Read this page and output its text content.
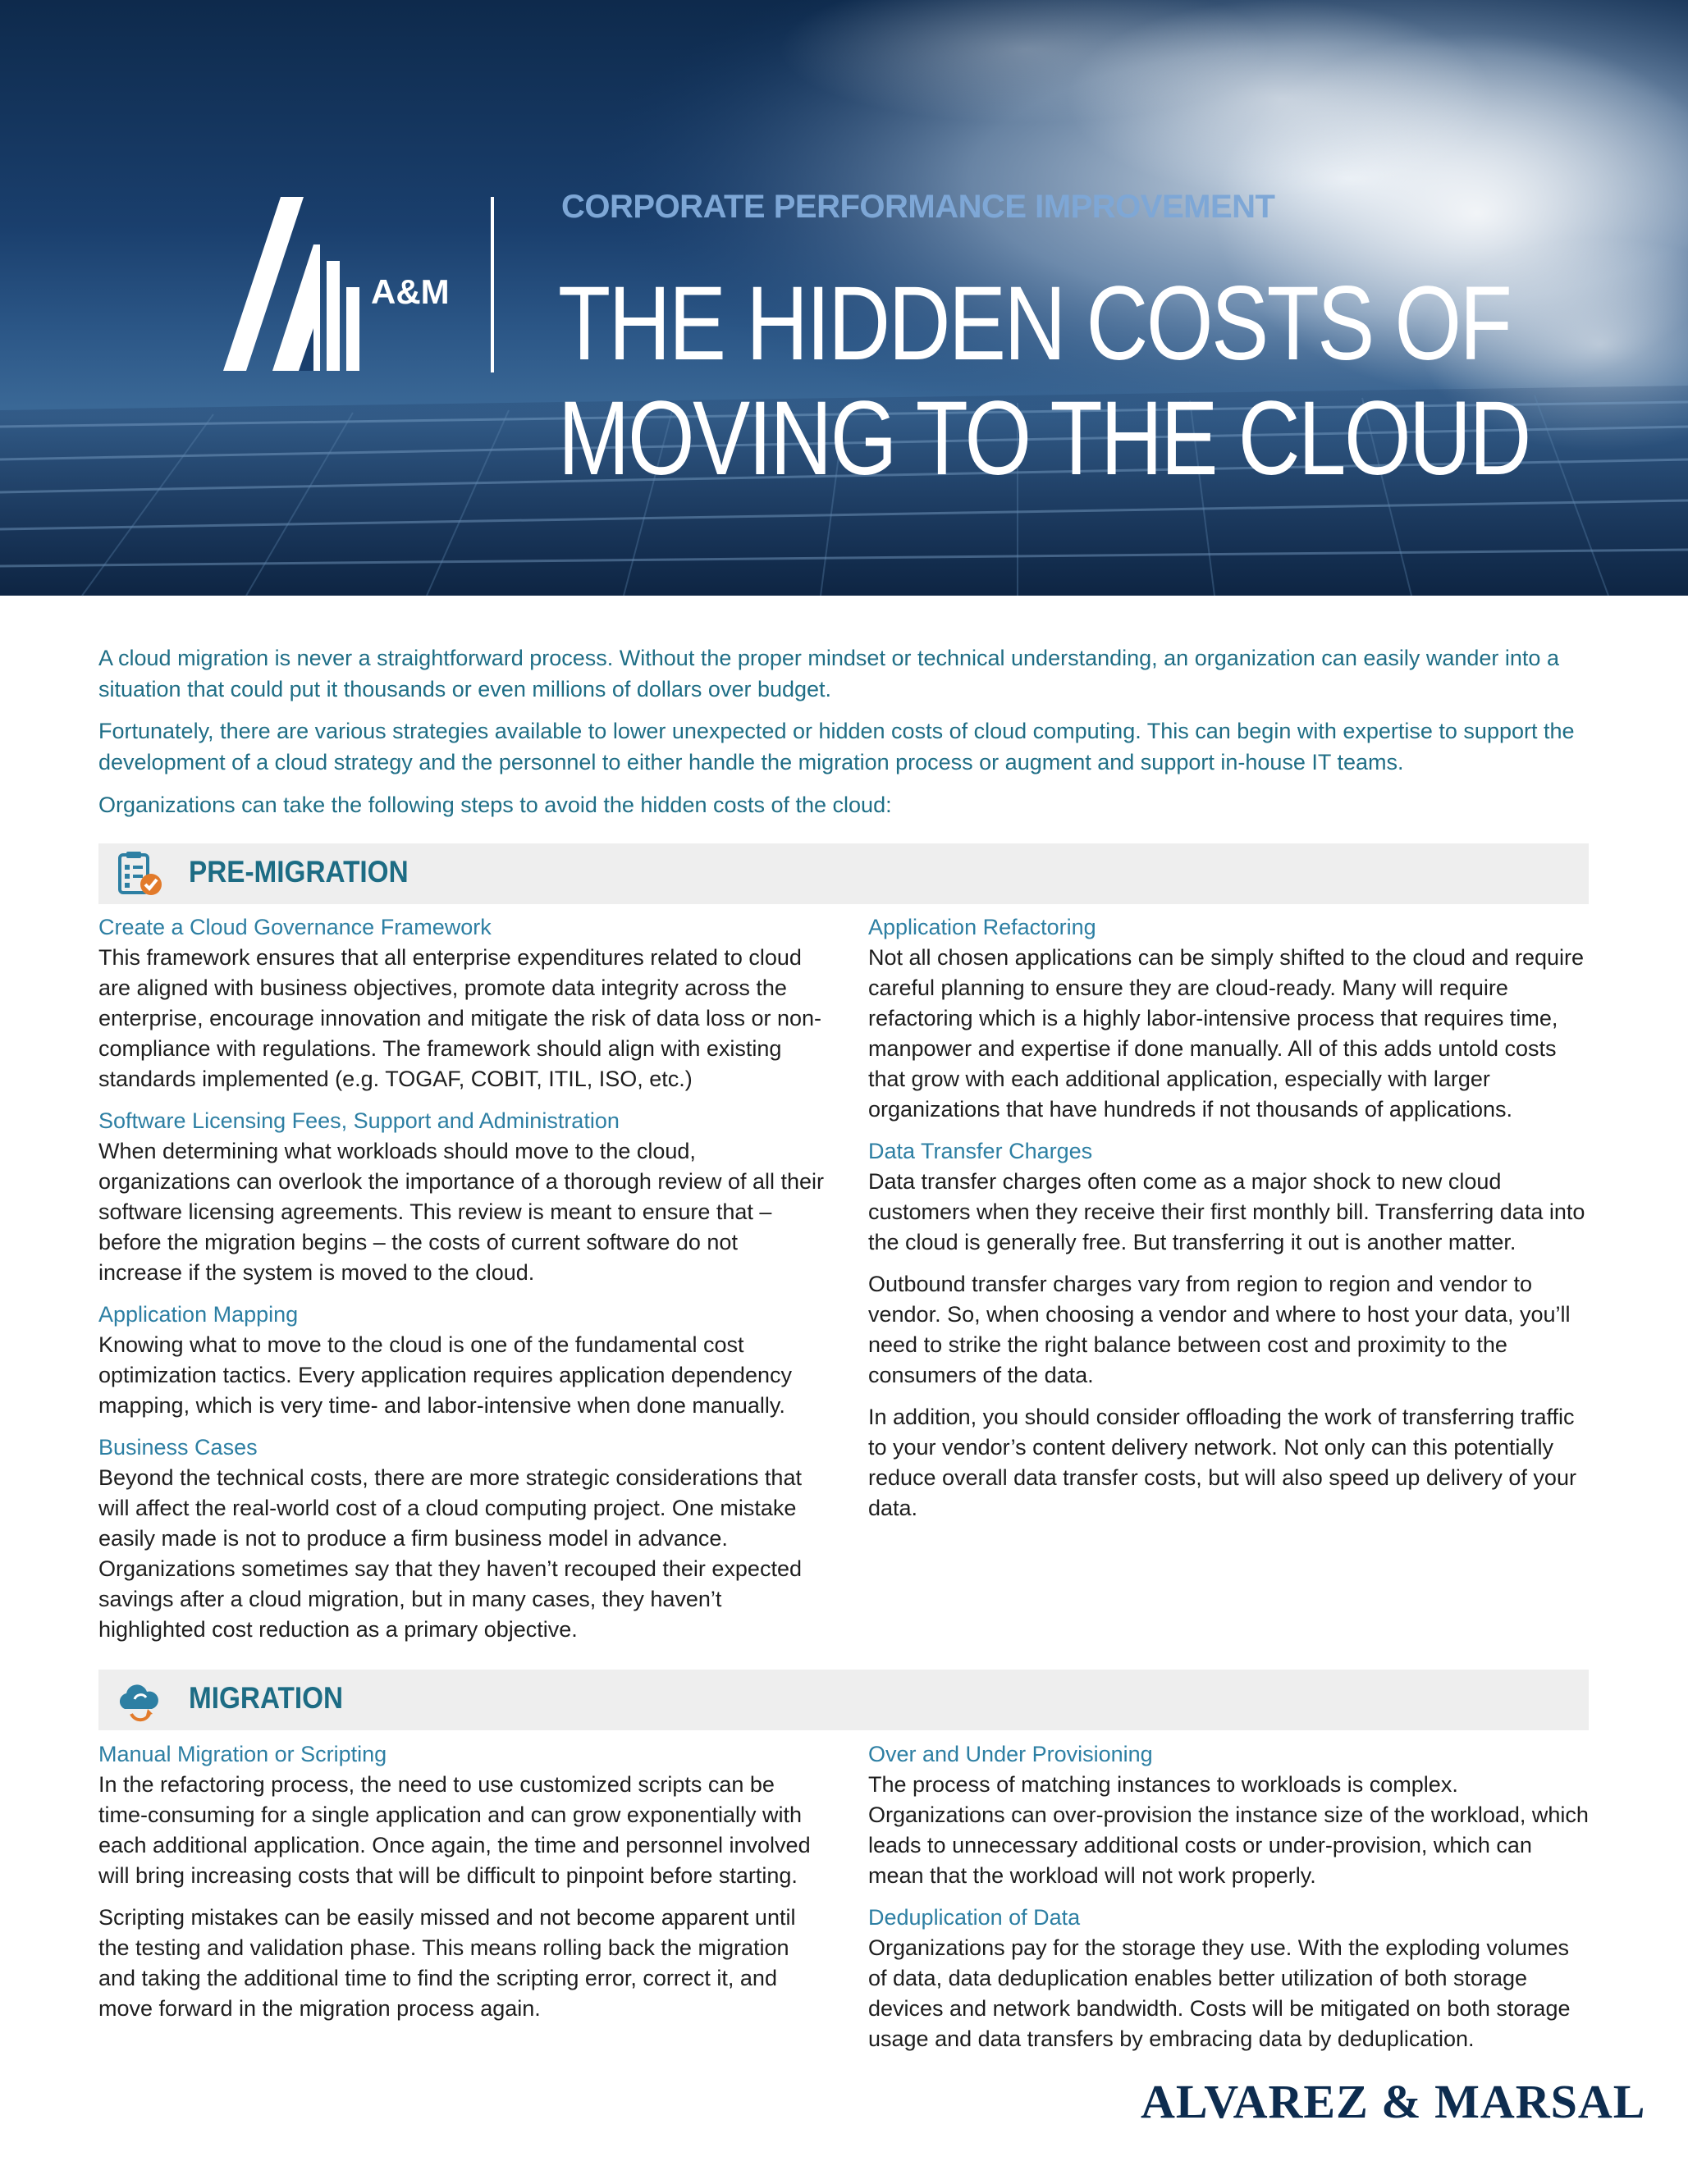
A&M
CORPORATE PERFORMANCE IMPROVEMENT
THE HIDDEN COSTS OF
MOVING TO THE CLOUD

A cloud migration is never a straightforward process. Without the proper mindset or technical understanding, an organization can easily wander into a situation that could put it thousands or even millions of dollars over budget.

Fortunately, there are various strategies available to lower unexpected or hidden costs of cloud computing. This can begin with expertise to support the development of a cloud strategy and the personnel to either handle the migration process or augment and support in-house IT teams.

Organizations can take the following steps to avoid the hidden costs of the cloud:

PRE-MIGRATION

Create a Cloud Governance Framework

This framework ensures that all enterprise expenditures related to cloud are aligned with business objectives, promote data integrity across the enterprise, encourage innovation and mitigate the risk of data loss or non-compliance with regulations. The framework should align with existing standards implemented (e.g. TOGAF, COBIT, ITIL, ISO, etc.)

Software Licensing Fees, Support and Administration

When determining what workloads should move to the cloud, organizations can overlook the importance of a thorough review of all their software licensing agreements. This review is meant to ensure that – before the migration begins – the costs of current software do not increase if the system is moved to the cloud.

Application Mapping

Knowing what to move to the cloud is one of the fundamental cost optimization tactics. Every application requires application dependency mapping, which is very time- and labor-intensive when done manually.

Business Cases

Beyond the technical costs, there are more strategic considerations that will affect the real-world cost of a cloud computing project. One mistake easily made is not to produce a firm business model in advance. Organizations sometimes say that they haven’t recouped their expected savings after a cloud migration, but in many cases, they haven’t highlighted cost reduction as a primary objective.

Application Refactoring

Not all chosen applications can be simply shifted to the cloud and require careful planning to ensure they are cloud-ready. Many will require refactoring which is a highly labor-intensive process that requires time, manpower and expertise if done manually. All of this adds untold costs that grow with each additional application, especially with larger organizations that have hundreds if not thousands of applications.

Data Transfer Charges

Data transfer charges often come as a major shock to new cloud customers when they receive their first monthly bill. Transferring data into the cloud is generally free. But transferring it out is another matter.

Outbound transfer charges vary from region to region and vendor to vendor. So, when choosing a vendor and where to host your data, you’ll need to strike the right balance between cost and proximity to the consumers of the data.

In addition, you should consider offloading the work of transferring traffic to your vendor’s content delivery network. Not only can this potentially reduce overall data transfer costs, but will also speed up delivery of your data.

MIGRATION

Manual Migration or Scripting

In the refactoring process, the need to use customized scripts can be time-consuming for a single application and can grow exponentially with each additional application. Once again, the time and personnel involved will bring increasing costs that will be difficult to pinpoint before starting.

Scripting mistakes can be easily missed and not become apparent until the testing and validation phase. This means rolling back the migration and taking the additional time to find the scripting error, correct it, and move forward in the migration process again.

Over and Under Provisioning

The process of matching instances to workloads is complex. Organizations can over-provision the instance size of the workload, which leads to unnecessary additional costs or under-provision, which can mean that the workload will not work properly.

Deduplication of Data

Organizations pay for the storage they use. With the exploding volumes of data, data deduplication enables better utilization of both storage devices and network bandwidth. Costs will be mitigated on both storage usage and data transfers by embracing data by deduplication.

ALVAREZ & MARSAL
